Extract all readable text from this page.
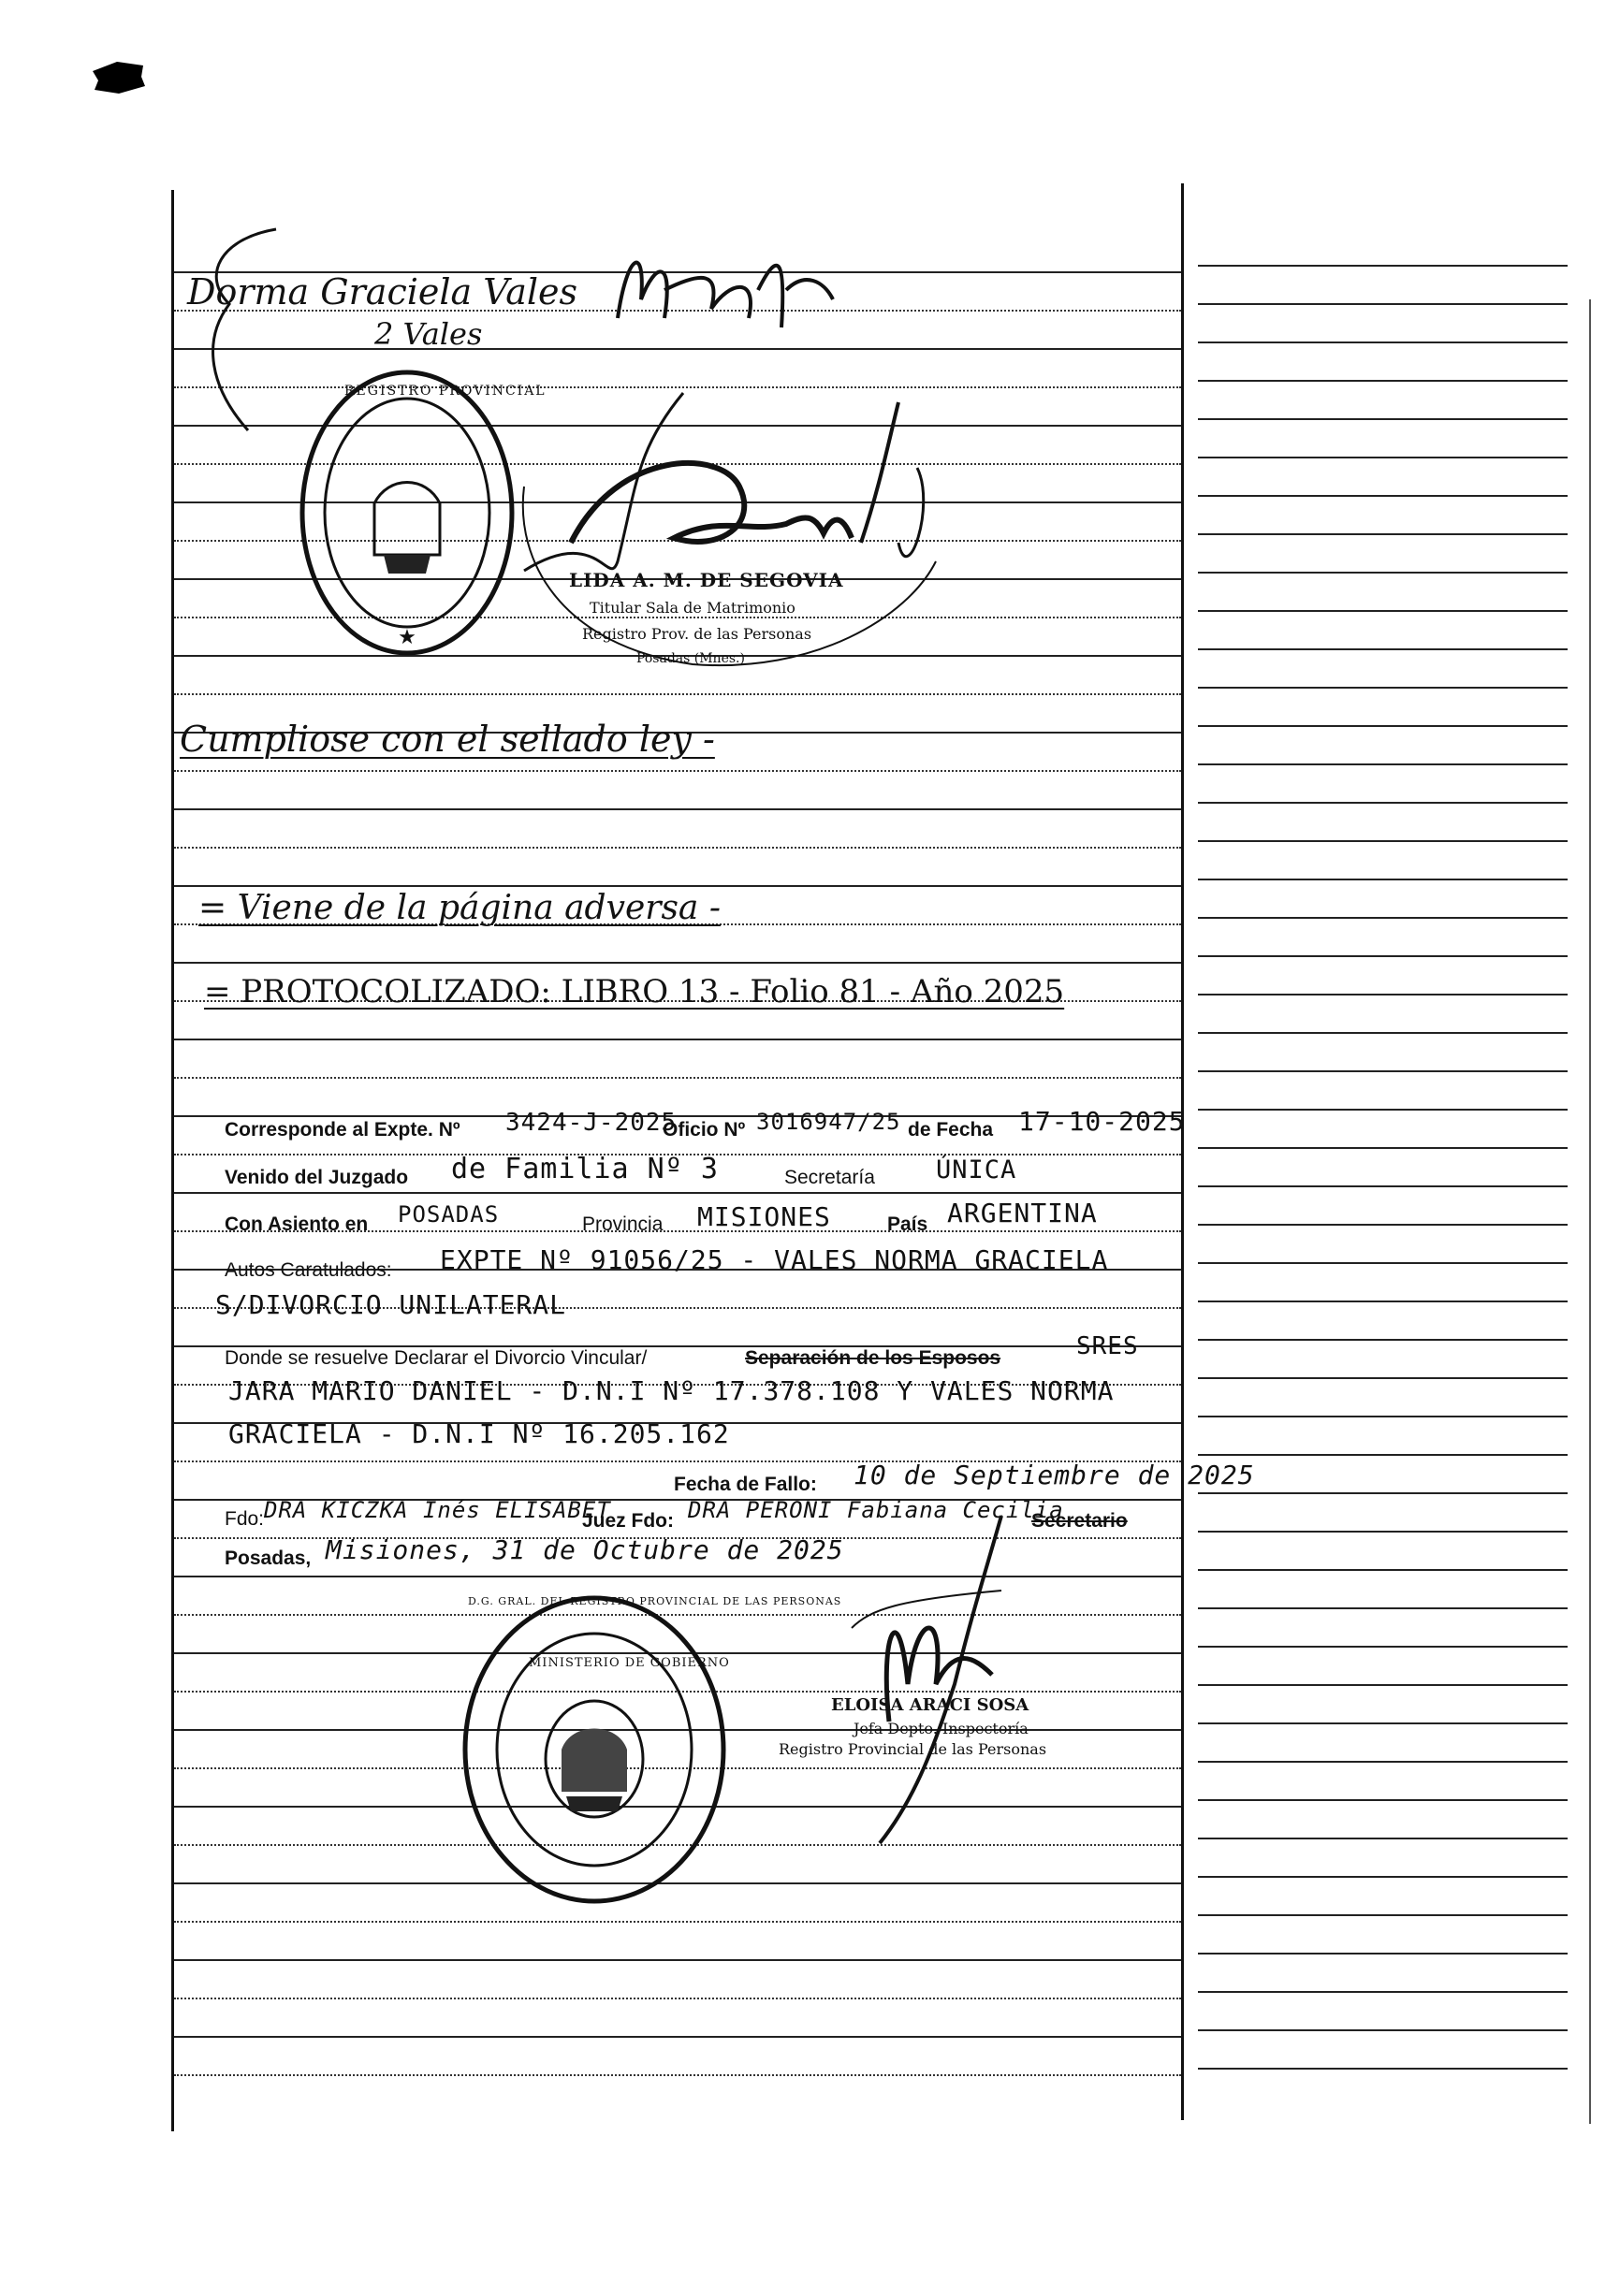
Dorma Graciela Vales
2 Vales
★
REGISTRO PROVINCIAL
LIDA A. M. DE SEGOVIA
Titular Sala de Matrimonio
Registro Prov. de las Personas
Posadas (Mnes.)
Cumpliose con el sellado ley -
= Viene de la página adversa -
= PROTOCOLIZADO: LIBRO 13 - Folio 81 - Año 2025
Corresponde al Expte. Nº 3424-J-2025
Oficio Nº 3016947/25 de Fecha 17-10-2025
Venido del Juzgado de Familia Nº 3	Secretaría ÚNICA
Con Asiento en POSADAS	Provincia MISIONES	País ARGENTINA
Autos Caratulados: EXPTE Nº 91056/25 - VALES NORMA GRACIELA
S/DIVORCIO UNILATERAL
Donde se resuelve Declarar el Divorcio Vincular/	Separación de los Esposos	SRES
JARA MARIO DANIEL - D.N.I Nº 17.378.108 Y VALES NORMA
GRACIELA - D.N.I Nº 16.205.162
Fecha de Fallo: 10 de Septiembre de 2025
Fdo: DRA KICZKA Inés ELISABET
Juez Fdo: DRA PERONI Fabiana Cecilia
Secretario
Posadas, Misiones, 31 de Octubre de 2025
D.G. GRAL. DEL REGISTRO PROVINCIAL DE LAS PERSONAS
MINISTERIO DE GOBIERNO
ELOISA ARACI SOSA
Jefa Depto. Inspectoría
Registro Provincial de las Personas
